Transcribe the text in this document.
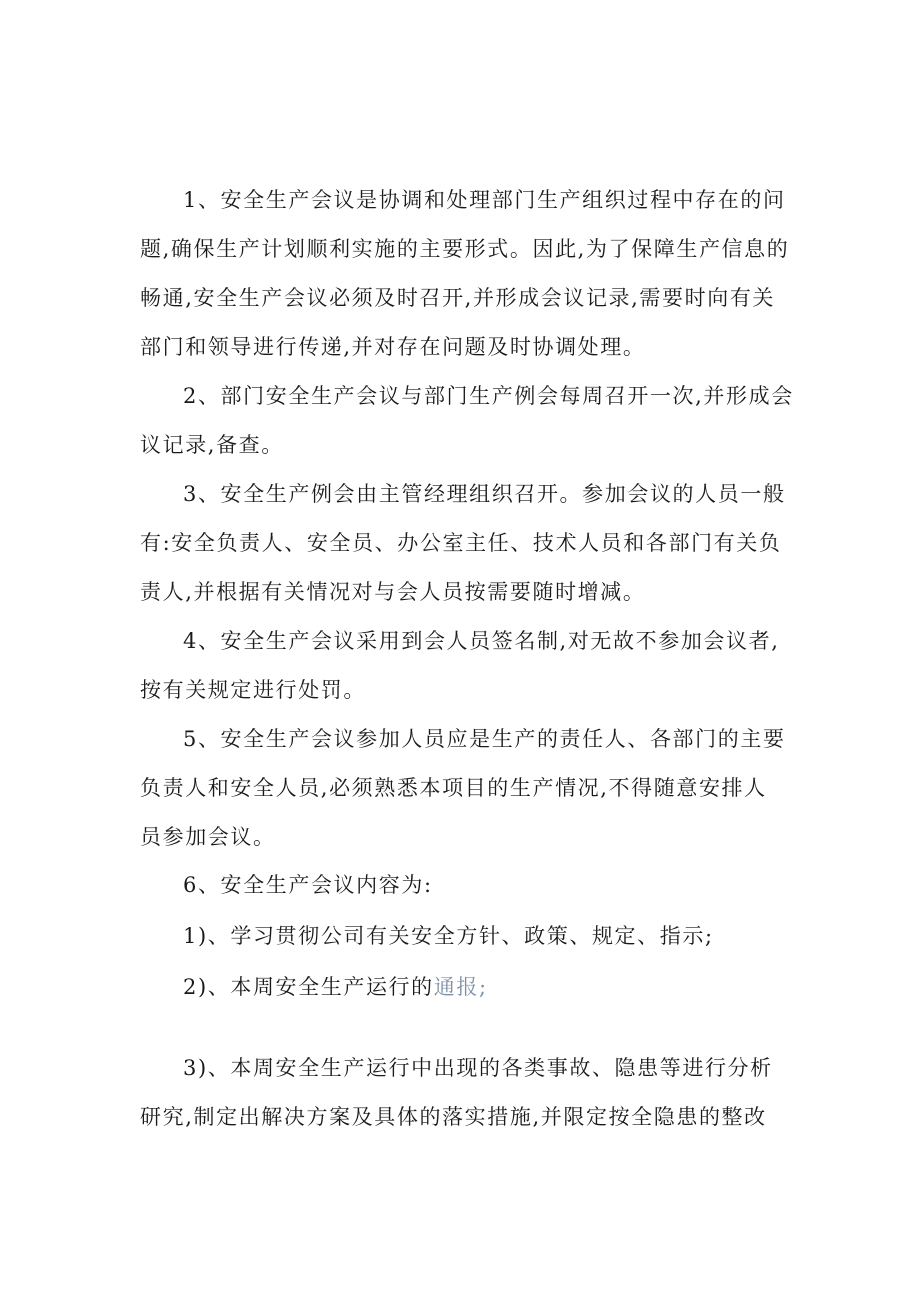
1、安全生产会议是协调和处理部门生产组织过程中存在的问
题,确保生产计划顺利实施的主要形式。因此,为了保障生产信息的
畅通,安全生产会议必须及时召开,并形成会议记录,需要时向有关
部门和领导进行传递,并对存在问题及时协调处理。
2、部门安全生产会议与部门生产例会每周召开一次,并形成会
议记录,备查。
3、安全生产例会由主管经理组织召开。参加会议的人员一般
有:安全负责人、安全员、办公室主任、技术人员和各部门有关负
责人,并根据有关情况对与会人员按需要随时增减。
4、安全生产会议采用到会人员签名制,对无故不参加会议者,
按有关规定进行处罚。
5、安全生产会议参加人员应是生产的责任人、各部门的主要
负责人和安全人员,必须熟悉本项目的生产情况,不得随意安排人
员参加会议。
6、安全生产会议内容为:
1)、学习贯彻公司有关安全方针、政策、规定、指示;
2)、本周安全生产运行的通报;
3)、本周安全生产运行中出现的各类事故、隐患等进行分析
研究,制定出解决方案及具体的落实措施,并限定按全隐患的整改
